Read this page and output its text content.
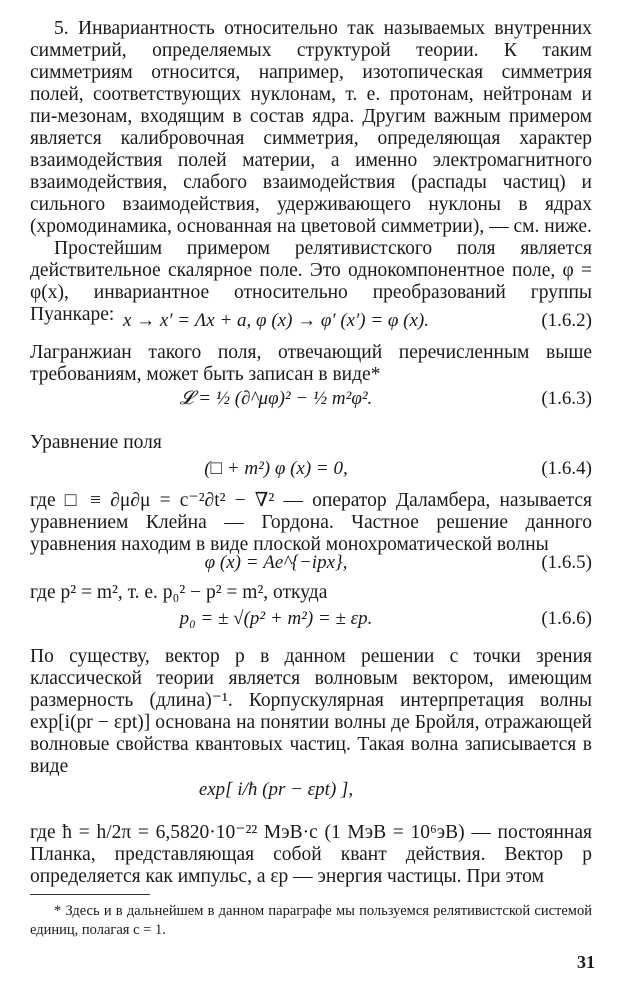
5. Инвариантность относительно так называемых внутренних симметрий, определяемых структурой теории. К таким симметриям относится, например, изотопическая симметрия полей, соответствующих нуклонам, т. е. протонам, нейтронам и пи-мезонам, входящим в состав ядра. Другим важным примером является калибровочная симметрия, определяющая характер взаимодействия полей материи, а именно электромагнитного взаимодействия, слабого взаимодействия (распады частиц) и сильного взаимодействия, удерживающего нуклоны в ядрах (хромодинамика, основанная на цветовой симметрии), — см. ниже.
Простейшим примером релятивистского поля является действительное скалярное поле. Это однокомпонентное поле, φ = φ(x), инвариантное относительно преобразований группы Пуанкаре: x → x′ = Λx + a, φ (x) → φ′ (x′) = φ (x).	(1.6.2)
Лагранжиан такого поля, отвечающий перечисленным выше требованиям, может быть записан в виде*
𝓛 = ½ (∂^μφ)² − ½ m²φ².	(1.6.3)
Уравнение поля
(□ + m²) φ (x) = 0,	(1.6.4)
где □ ≡ ∂μ∂μ = c⁻²∂t² − ∇² — оператор Даламбера, называется уравнением Клейна — Гордона. Частное решение данного уравнения находим в виде плоской монохроматической волны
φ (x) = Ae^{−ipx},	(1.6.5)
где p² = m², т. е. p₀² − p² = m², откуда
p₀ = ± √(p² + m²) = ± εp.	(1.6.6)
По существу, вектор p в данном решении с точки зрения классической теории является волновым вектором, имеющим размерность (длина)⁻¹. Корпускулярная интерпретация волны exp[i(pr − εpt)] основана на понятии волны де Бройля, отражающей волновые свойства квантовых частиц. Такая волна записывается в виде
exp[ i/ħ (pr − εpt) ],
где ħ = h/2π = 6,5820·10⁻²² МэВ·с (1 МэВ = 10⁶эВ) — постоянная Планка, представляющая собой квант действия. Вектор p определяется как импульс, а εp — энергия частицы. При этом
* Здесь и в дальнейшем в данном параграфе мы пользуемся релятивистской системой единиц, полагая c = 1.
31
